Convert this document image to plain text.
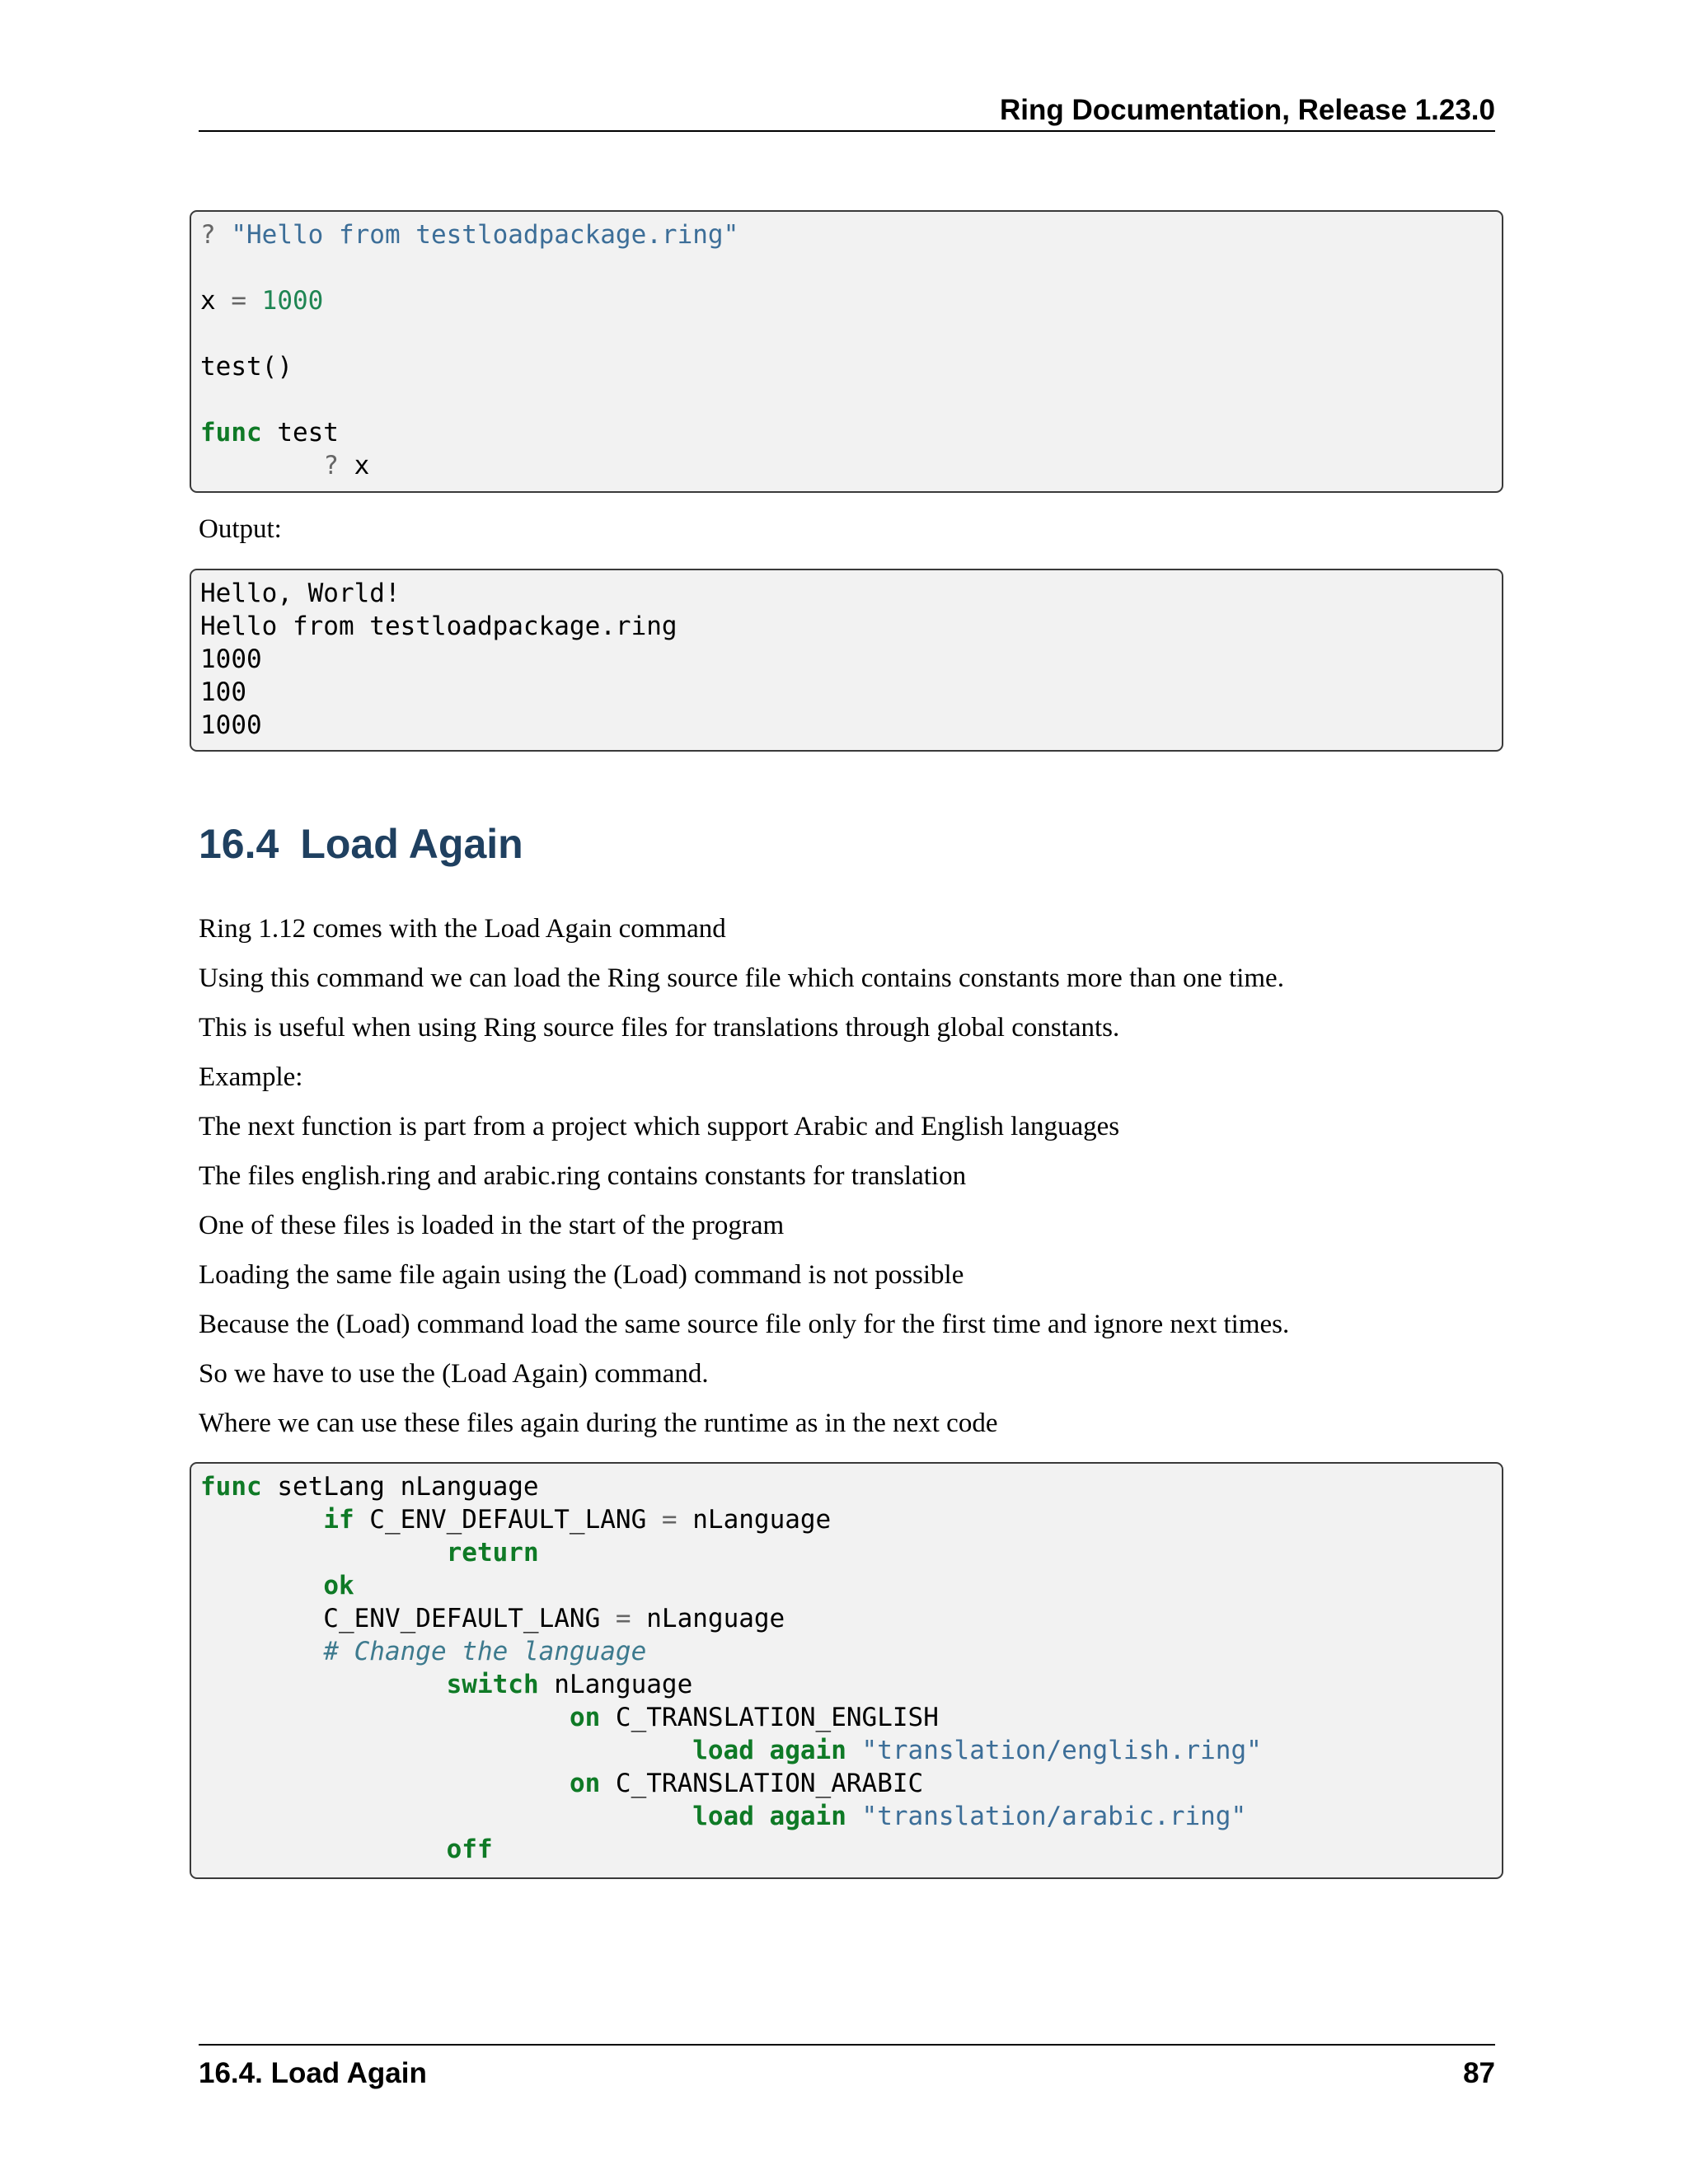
Ring Documentation, Release 1.23.0
? "Hello from testloadpackage.ring"
x = 1000
test()
func test
? x
Output:
Hello, World!
Hello from testloadpackage.ring
1000
100
1000
16.4 Load Again
Ring 1.12 comes with the Load Again command
Using this command we can load the Ring source file which contains constants more than one time.
This is useful when using Ring source files for translations through global constants.
Example:
The next function is part from a project which support Arabic and English languages
The files english.ring and arabic.ring contains constants for translation
One of these files is loaded in the start of the program
Loading the same file again using the (Load) command is not possible
Because the (Load) command load the same source file only for the first time and ignore next times.
So we have to use the (Load Again) command.
Where we can use these files again during the runtime as in the next code
func setLang nLanguage
if C_ENV_DEFAULT_LANG = nLanguage
return
ok
C_ENV_DEFAULT_LANG = nLanguage
# Change the language
switch nLanguage
on C_TRANSLATION_ENGLISH
load again "translation/english.ring"
on C_TRANSLATION_ARABIC
load again "translation/arabic.ring"
off
16.4. Load Again	87
